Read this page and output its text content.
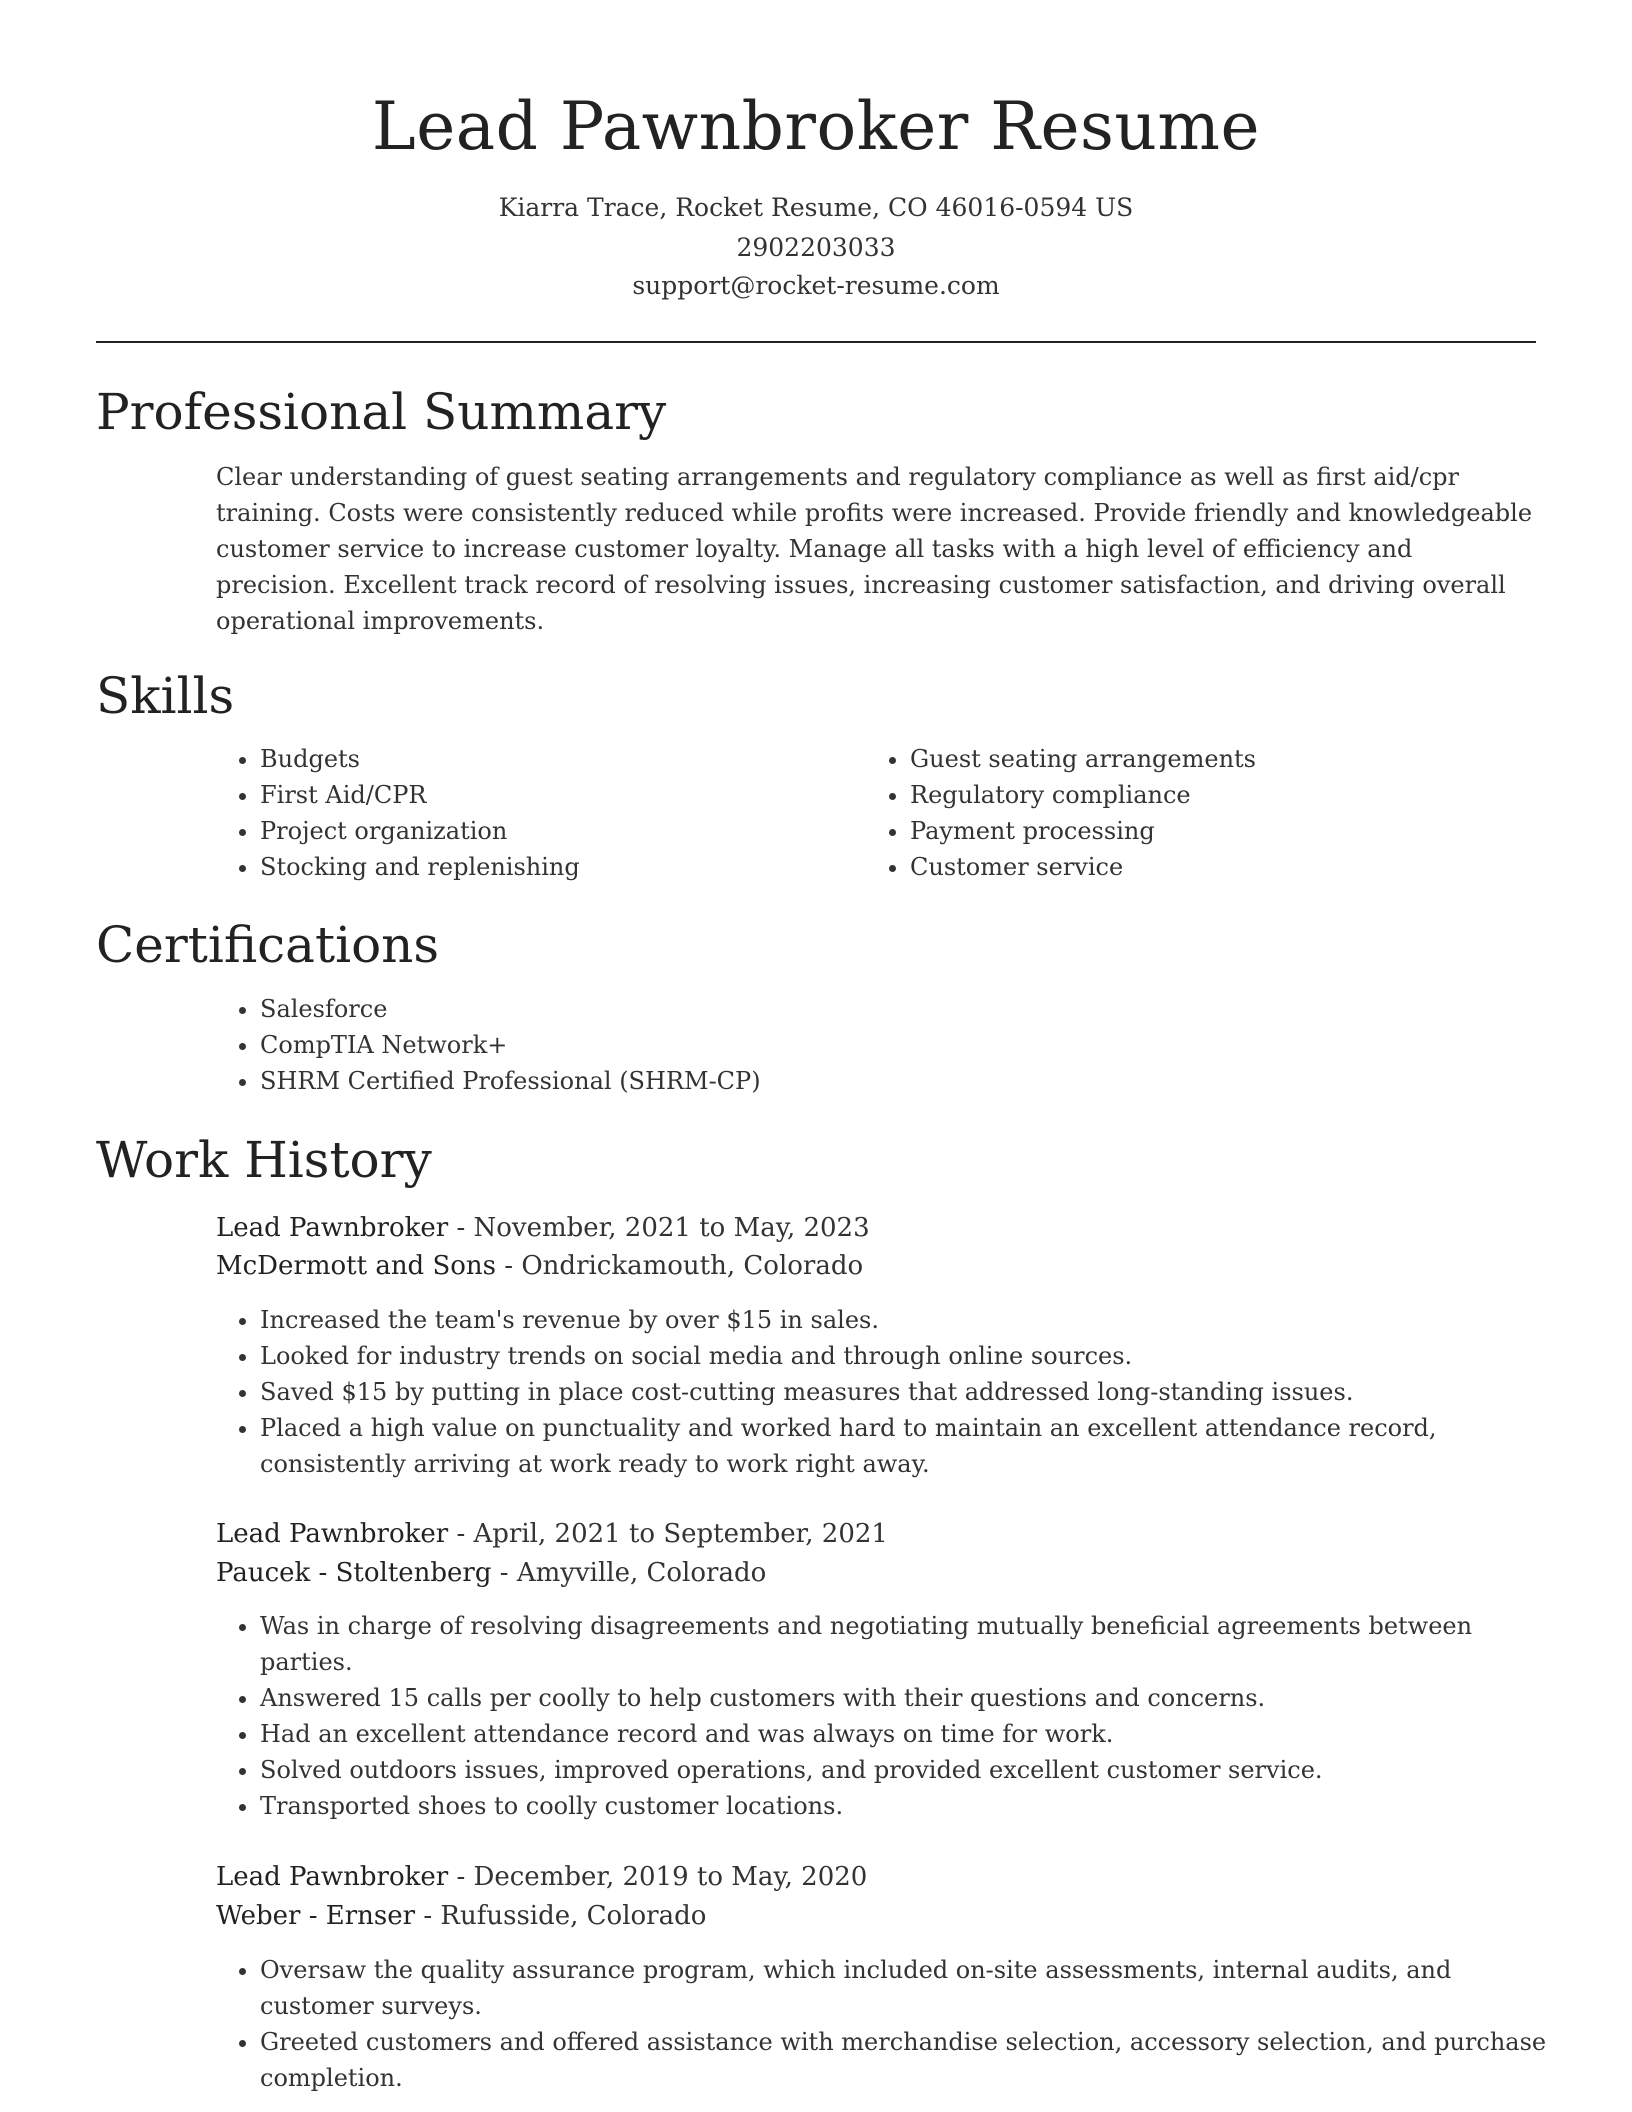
Lead Pawnbroker Resume
Kiarra Trace, Rocket Resume, CO 46016-0594 US
2902203033
support@rocket-resume.com
Professional Summary
Clear understanding of guest seating arrangements and regulatory compliance as well as first aid/cpr training. Costs were consistently reduced while profits were increased. Provide friendly and knowledgeable customer service to increase customer loyalty. Manage all tasks with a high level of efficiency and precision. Excellent track record of resolving issues, increasing customer satisfaction, and driving overall operational improvements.
Skills
• Budgets
• First Aid/CPR
• Project organization
• Stocking and replenishing
• Guest seating arrangements
• Regulatory compliance
• Payment processing
• Customer service
Certifications
• Salesforce
• CompTIA Network+
• SHRM Certified Professional (SHRM-CP)
Work History
Lead Pawnbroker - November, 2021 to May, 2023
McDermott and Sons - Ondrickamouth, Colorado
• Increased the team's revenue by over $15 in sales.
• Looked for industry trends on social media and through online sources.
• Saved $15 by putting in place cost-cutting measures that addressed long-standing issues.
• Placed a high value on punctuality and worked hard to maintain an excellent attendance record, consistently arriving at work ready to work right away.
Lead Pawnbroker - April, 2021 to September, 2021
Paucek - Stoltenberg - Amyville, Colorado
• Was in charge of resolving disagreements and negotiating mutually beneficial agreements between parties.
• Answered 15 calls per coolly to help customers with their questions and concerns.
• Had an excellent attendance record and was always on time for work.
• Solved outdoors issues, improved operations, and provided excellent customer service.
• Transported shoes to coolly customer locations.
Lead Pawnbroker - December, 2019 to May, 2020
Weber - Ernser - Rufusside, Colorado
• Oversaw the quality assurance program, which included on-site assessments, internal audits, and customer surveys.
• Greeted customers and offered assistance with merchandise selection, accessory selection, and purchase completion.
